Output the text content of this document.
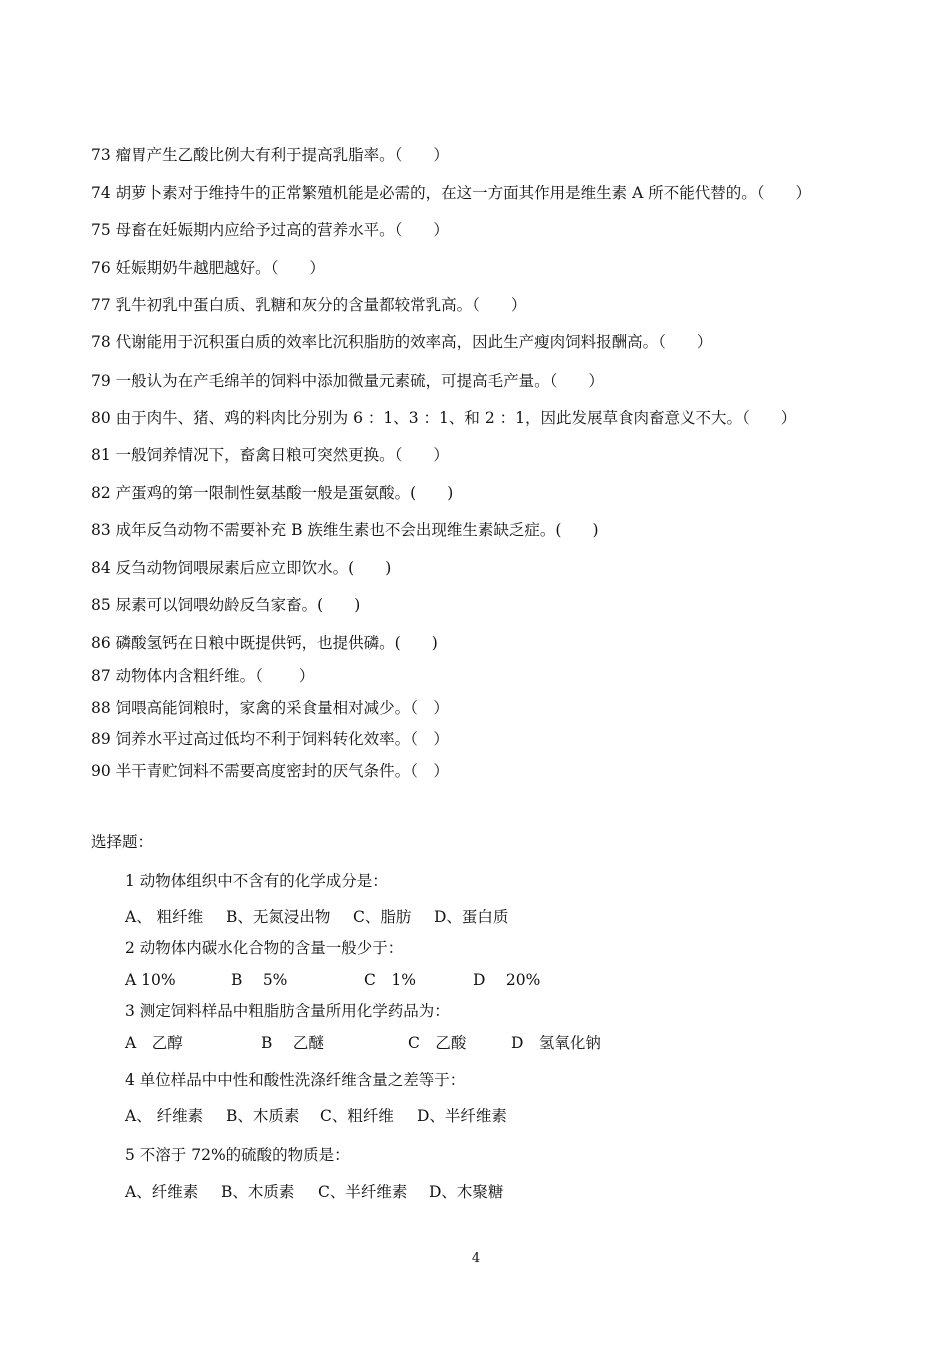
73 瘤胃产生乙酸比例大有利于提高乳脂率。（　　）
74 胡萝卜素对于维持牛的正常繁殖机能是必需的，在这一方面其作用是维生素 A 所不能代替的。（　　）
75 母畜在妊娠期内应给予过高的营养水平。（　　）
76 妊娠期奶牛越肥越好。（　　）
77 乳牛初乳中蛋白质、乳糖和灰分的含量都较常乳高。（　　）
78 代谢能用于沉积蛋白质的效率比沉积脂肪的效率高，因此生产瘦肉饲料报酬高。（　　）
79 一般认为在产毛绵羊的饲料中添加微量元素硫，可提高毛产量。（　　）
80 由于肉牛、猪、鸡的料肉比分别为 6 ：1、3 ：1、和 2 ：1，因此发展草食肉畜意义不大。（　　）
81 一般饲养情况下，畜禽日粮可突然更换。（　　）
82 产蛋鸡的第一限制性氨基酸一般是蛋氨酸。(　　)
83 成年反刍动物不需要补充 B 族维生素也不会出现维生素缺乏症。(　　)
84 反刍动物饲喂尿素后应立即饮水。(　　)
85 尿素可以饲喂幼龄反刍家畜。(　　)
86 磷酸氢钙在日粮中既提供钙，也提供磷。(　　)
87 动物体内含粗纤维。（　　 ）
88 饲喂高能饲粮时，家禽的采食量相对减少。（　）
89 饲养水平过高过低均不利于饲料转化效率。（　）
90 半干青贮饲料不需要高度密封的厌气条件。（　）
选择题：
1 动物体组织中不含有的化学成分是：
A、 粗纤维 B、无氮浸出物 C、脂肪 D、蛋白质
2 动物体内碳水化合物的含量一般少于：
A 10%	B　 5%	C　1%	D　 20%
3 测定饲料样品中粗脂肪含量所用化学药品为：
A　乙醇	B　 乙醚	C　乙酸	D　氢氧化钠
4 单位样品中中性和酸性洗涤纤维含量之差等于：
A、 纤维素 B、木质素 C、粗纤维 D、半纤维素
5 不溶于 72%的硫酸的物质是：
A、纤维素 B、木质素 C、半纤维素 D、木聚糖
4
